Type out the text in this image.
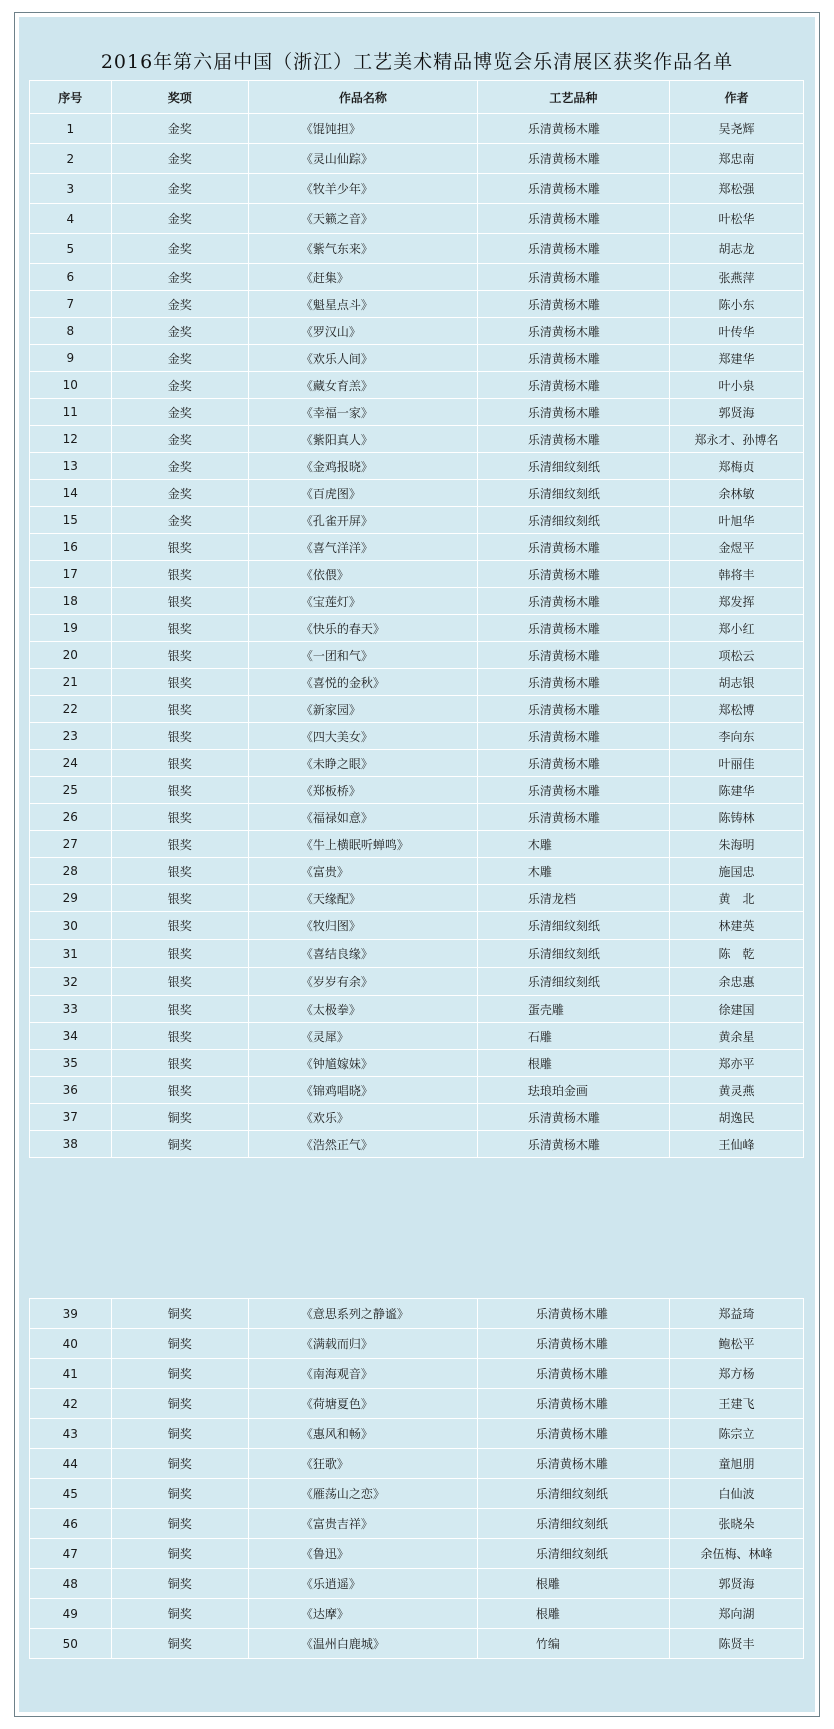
2016年第六届中国（浙江）工艺美术精品博览会乐清展区获奖作品名单
序号	奖项	作品名称	工艺品种	作者
1	金奖	《馄饨担》	乐清黄杨木雕	吴尧辉
2	金奖	《灵山仙踪》	乐清黄杨木雕	郑忠南
3	金奖	《牧羊少年》	乐清黄杨木雕	郑松强
4	金奖	《天籁之音》	乐清黄杨木雕	叶松华
5	金奖	《紫气东来》	乐清黄杨木雕	胡志龙
6	金奖	《赶集》	乐清黄杨木雕	张燕萍
7	金奖	《魁星点斗》	乐清黄杨木雕	陈小东
8	金奖	《罗汉山》	乐清黄杨木雕	叶传华
9	金奖	《欢乐人间》	乐清黄杨木雕	郑建华
10	金奖	《藏女育羔》	乐清黄杨木雕	叶小泉
11	金奖	《幸福一家》	乐清黄杨木雕	郭贤海
12	金奖	《紫阳真人》	乐清黄杨木雕	郑永才、孙博名
13	金奖	《金鸡报晓》	乐清细纹刻纸	郑梅贞
14	金奖	《百虎图》	乐清细纹刻纸	余林敏
15	金奖	《孔雀开屏》	乐清细纹刻纸	叶旭华
16	银奖	《喜气洋洋》	乐清黄杨木雕	金煜平
17	银奖	《依偎》	乐清黄杨木雕	韩将丰
18	银奖	《宝莲灯》	乐清黄杨木雕	郑发挥
19	银奖	《快乐的春天》	乐清黄杨木雕	郑小红
20	银奖	《一团和气》	乐清黄杨木雕	项松云
21	银奖	《喜悦的金秋》	乐清黄杨木雕	胡志银
22	银奖	《新家园》	乐清黄杨木雕	郑松博
23	银奖	《四大美女》	乐清黄杨木雕	李向东
24	银奖	《未睁之眼》	乐清黄杨木雕	叶丽佳
25	银奖	《郑板桥》	乐清黄杨木雕	陈建华
26	银奖	《福禄如意》	乐清黄杨木雕	陈铸林
27	银奖	《牛上横眠听蝉鸣》	木雕	朱海明
28	银奖	《富贵》	木雕	施国忠
29	银奖	《天缘配》	乐清龙档	黄　北
30	银奖	《牧归图》	乐清细纹刻纸	林建英
31	银奖	《喜结良缘》	乐清细纹刻纸	陈　乾
32	银奖	《岁岁有余》	乐清细纹刻纸	余忠惠
33	银奖	《太极拳》	蛋壳雕	徐建国
34	银奖	《灵犀》	石雕	黄余星
35	银奖	《钟馗嫁妹》	根雕	郑亦平
36	银奖	《锦鸡唱晓》	珐琅珀金画	黄灵燕
37	铜奖	《欢乐》	乐清黄杨木雕	胡逸民
38	铜奖	《浩然正气》	乐清黄杨木雕	王仙峰
39	铜奖	《意思系列之静谧》	乐清黄杨木雕	郑益琦
40	铜奖	《满载而归》	乐清黄杨木雕	鲍松平
41	铜奖	《南海观音》	乐清黄杨木雕	郑方杨
42	铜奖	《荷塘夏色》	乐清黄杨木雕	王建飞
43	铜奖	《惠风和畅》	乐清黄杨木雕	陈宗立
44	铜奖	《狂歌》	乐清黄杨木雕	童旭朋
45	铜奖	《雁荡山之恋》	乐清细纹刻纸	白仙波
46	铜奖	《富贵吉祥》	乐清细纹刻纸	张晓朵
47	铜奖	《鲁迅》	乐清细纹刻纸	余伍梅、林峰
48	铜奖	《乐逍遥》	根雕	郭贤海
49	铜奖	《达摩》	根雕	郑向湖
50	铜奖	《温州白鹿城》	竹编	陈贤丰
